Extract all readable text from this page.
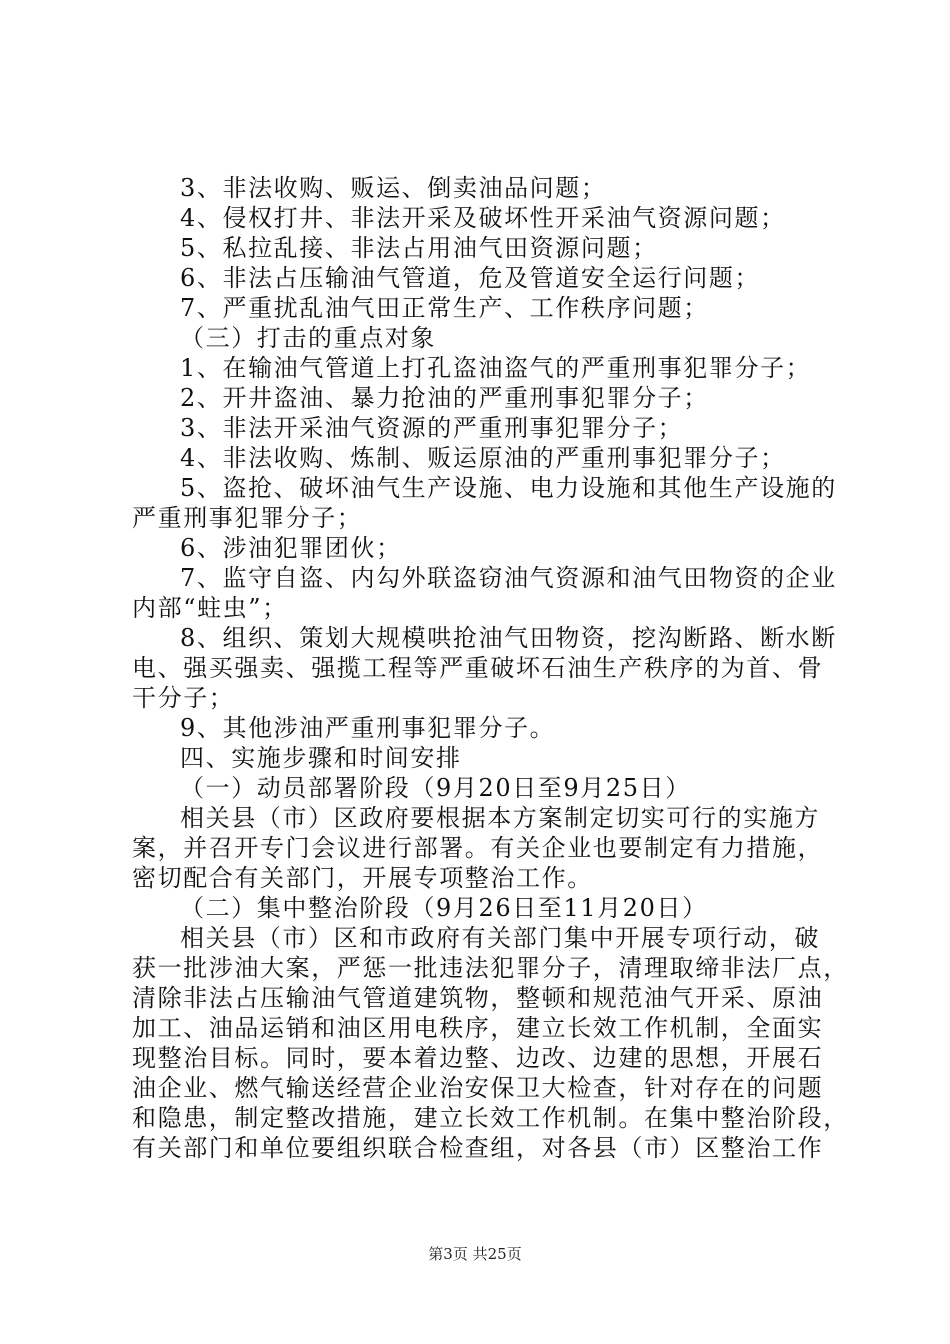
3、非法收购、贩运、倒卖油品问题；
4、侵权打井、非法开采及破坏性开采油气资源问题；
5、私拉乱接、非法占用油气田资源问题；
6、非法占压输油气管道，危及管道安全运行问题；
7、严重扰乱油气田正常生产、工作秩序问题；
（三）打击的重点对象
1、在输油气管道上打孔盗油盗气的严重刑事犯罪分子；
2、开井盗油、暴力抢油的严重刑事犯罪分子；
3、非法开采油气资源的严重刑事犯罪分子；
4、非法收购、炼制、贩运原油的严重刑事犯罪分子；
5、盗抢、破坏油气生产设施、电力设施和其他生产设施的
严重刑事犯罪分子；
6、涉油犯罪团伙；
7、监守自盗、内勾外联盗窃油气资源和油气田物资的企业
内部“蛀虫”；
8、组织、策划大规模哄抢油气田物资，挖沟断路、断水断
电、强买强卖、强揽工程等严重破坏石油生产秩序的为首、骨
干分子；
9、其他涉油严重刑事犯罪分子。
四、实施步骤和时间安排
（一）动员部署阶段（9月20日至9月25日）
相关县（市）区政府要根据本方案制定切实可行的实施方
案，并召开专门会议进行部署。有关企业也要制定有力措施，
密切配合有关部门，开展专项整治工作。
（二）集中整治阶段（9月26日至11月20日）
相关县（市）区和市政府有关部门集中开展专项行动，破
获一批涉油大案，严惩一批违法犯罪分子，清理取缔非法厂点，
清除非法占压输油气管道建筑物，整顿和规范油气开采、原油
加工、油品运销和油区用电秩序，建立长效工作机制，全面实
现整治目标。同时，要本着边整、边改、边建的思想，开展石
油企业、燃气输送经营企业治安保卫大检查，针对存在的问题
和隐患，制定整改措施，建立长效工作机制。在集中整治阶段，
有关部门和单位要组织联合检查组，对各县（市）区整治工作
第3页 共25页
